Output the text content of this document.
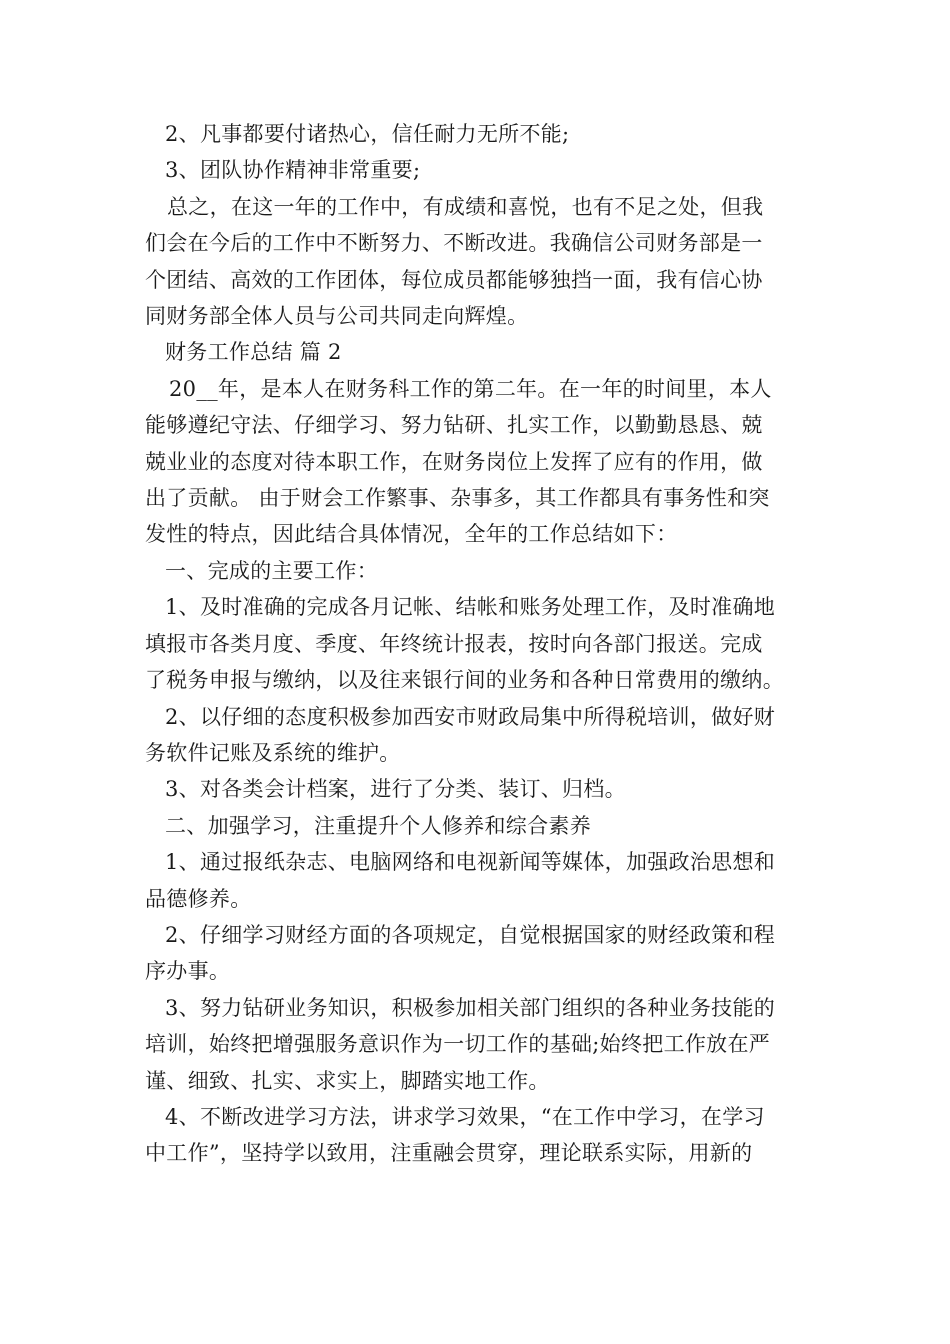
2、凡事都要付诸热心，信任耐力无所不能;

3、团队协作精神非常重要;

总之，在这一年的工作中，有成绩和喜悦，也有不足之处，但我

们会在今后的工作中不断努力、不断改进。我确信公司财务部是一

个团结、高效的工作团体，每位成员都能够独挡一面，我有信心协

同财务部全体人员与公司共同走向辉煌。

财务工作总结 篇 2

20__年，是本人在财务科工作的第二年。在一年的时间里，本人

能够遵纪守法、仔细学习、努力钻研、扎实工作，以勤勤恳恳、兢

兢业业的态度对待本职工作，在财务岗位上发挥了应有的作用，做

出了贡献。 由于财会工作繁事、杂事多，其工作都具有事务性和突

发性的特点，因此结合具体情况，全年的工作总结如下：

一、完成的主要工作：

1、及时准确的完成各月记帐、结帐和账务处理工作，及时准确地

填报市各类月度、季度、年终统计报表，按时向各部门报送。完成

了税务申报与缴纳，以及往来银行间的业务和各种日常费用的缴纳。

2、以仔细的态度积极参加西安市财政局集中所得税培训，做好财

务软件记账及系统的维护。

3、对各类会计档案，进行了分类、装订、归档。

二、加强学习，注重提升个人修养和综合素养

1、通过报纸杂志、电脑网络和电视新闻等媒体，加强政治思想和

品德修养。

2、仔细学习财经方面的各项规定，自觉根据国家的财经政策和程

序办事。

3、努力钻研业务知识，积极参加相关部门组织的各种业务技能的

培训，始终把增强服务意识作为一切工作的基础;始终把工作放在严

谨、细致、扎实、求实上，脚踏实地工作。

4、不断改进学习方法，讲求学习效果，“在工作中学习，在学习

中工作”，坚持学以致用，注重融会贯穿，理论联系实际，用新的
